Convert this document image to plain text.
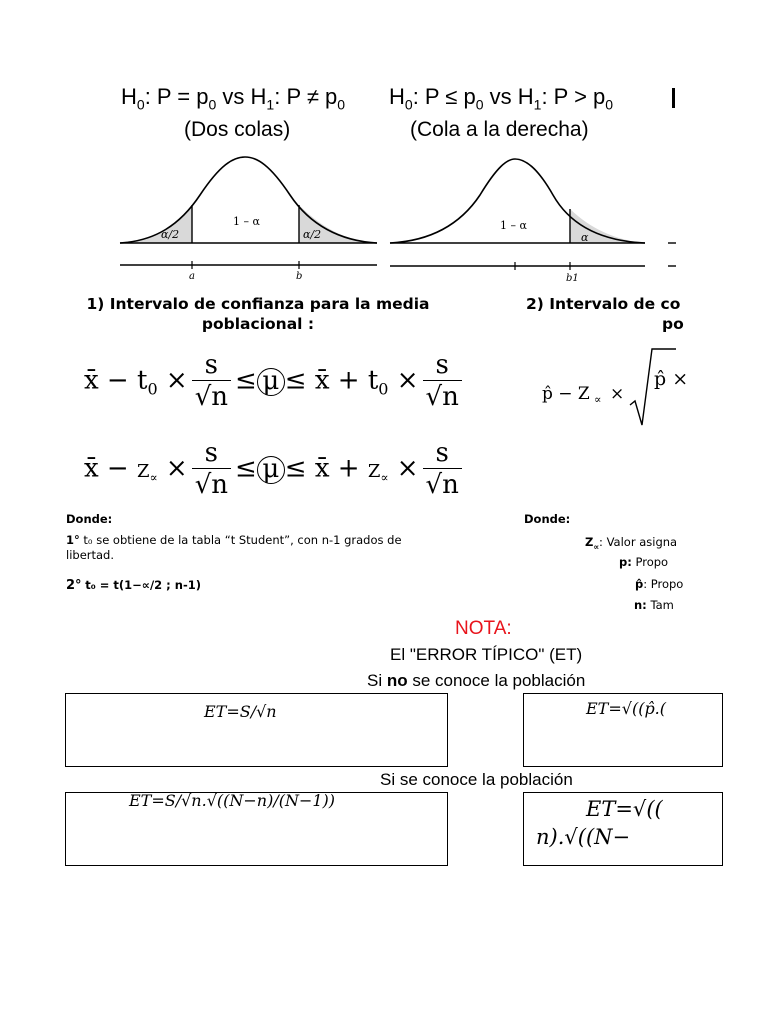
$H_0$: $P = p_0$ vs $H_1$: $P \ne p_0$
(Dos colas)
$H_0$: $P \le p_0$ vs $H_1$: $P > p_0$
(Cola a la derecha)
α/2
1 – α
α/2
a	b
1 – α
α
b1
1) Intervalo de confianza para la media poblacional :
2) Intervalo de co
po
x̄ − $t_0 \times \frac{s}{√n} \le \mu$ ≤ x̄ + $t_0 \times \frac{s}{√n}$
x̄ − $Z_\propto \times \frac{s}{√n} \le \mu$ ≤ x̄ + $Z_\propto \times \frac{s}{√n}$
p̂ − Z ∝ ×
p̂ ×
Donde:
1° t₀ se obtiene de la tabla “t Student”, con n-1 grados de libertad.
2° t₀ = t(1−∝/2 ; n-1)
Donde:
$Z_\propto$: Valor asigna
p: Propo
p̂: Propo
n: Tam
NOTA:
El "ERROR TÍPICO" (ET)
Si no se conoce la población
ET=S/√n	ET=√((p̂.(
Si se conoce la población
ET=S/√n.√((N−n)/(N−1))	ET=√((
n).√((N−
